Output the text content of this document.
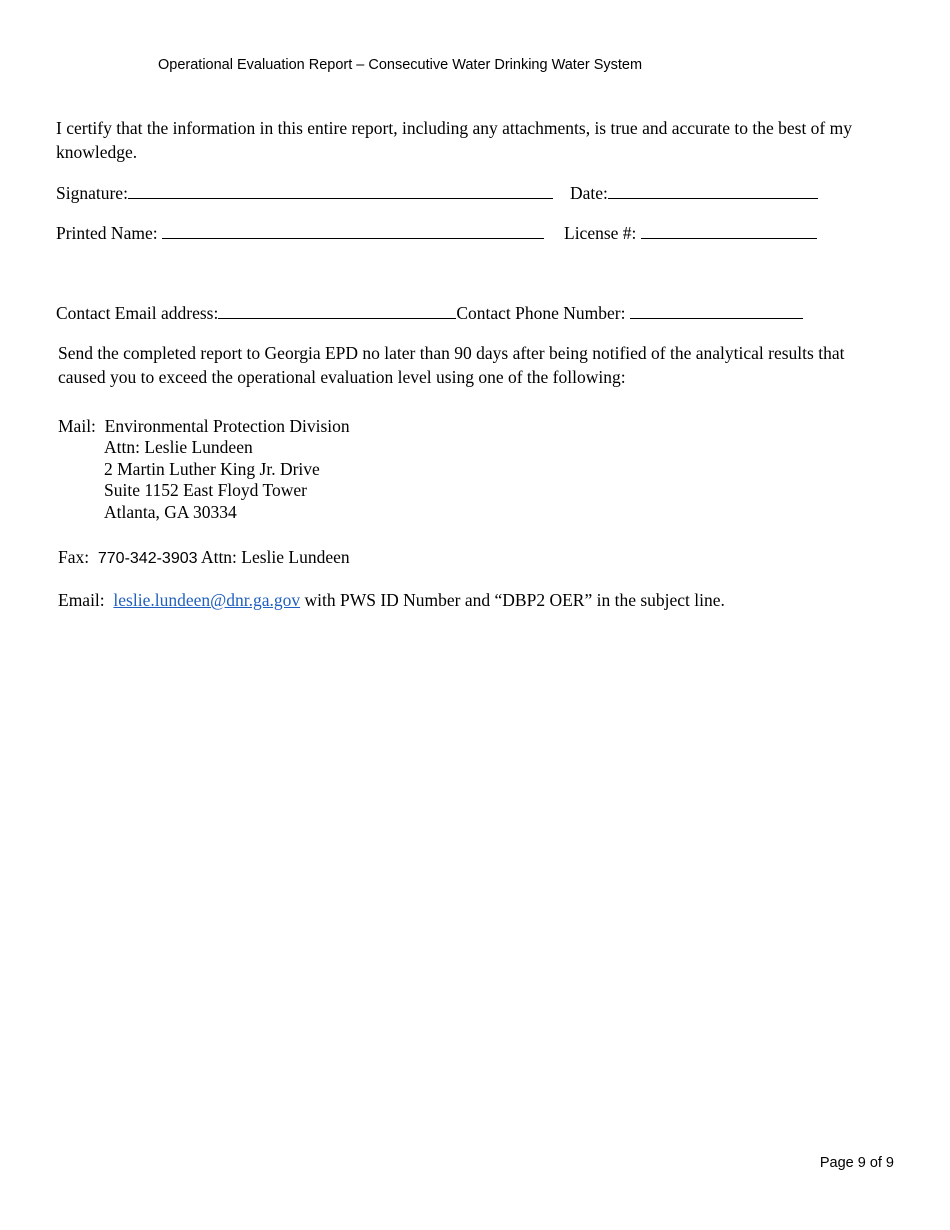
Operational Evaluation Report – Consecutive Water Drinking Water System
I certify that the information in this entire report, including any attachments, is true and accurate to the best of my knowledge.
Signature:	Date:
Printed Name:	License #:
Contact Email address:	Contact Phone Number:
Send the completed report to Georgia EPD no later than 90 days after being notified of the analytical results that caused you to exceed the operational evaluation level using one of the following:
Mail: Environmental Protection Division
Attn: Leslie Lundeen
2 Martin Luther King Jr. Drive
Suite 1152 East Floyd Tower
Atlanta, GA 30334
Fax: 770-342-3903 Attn: Leslie Lundeen
Email: leslie.lundeen@dnr.ga.gov with PWS ID Number and “DBP2 OER” in the subject line.
Page 9 of 9
